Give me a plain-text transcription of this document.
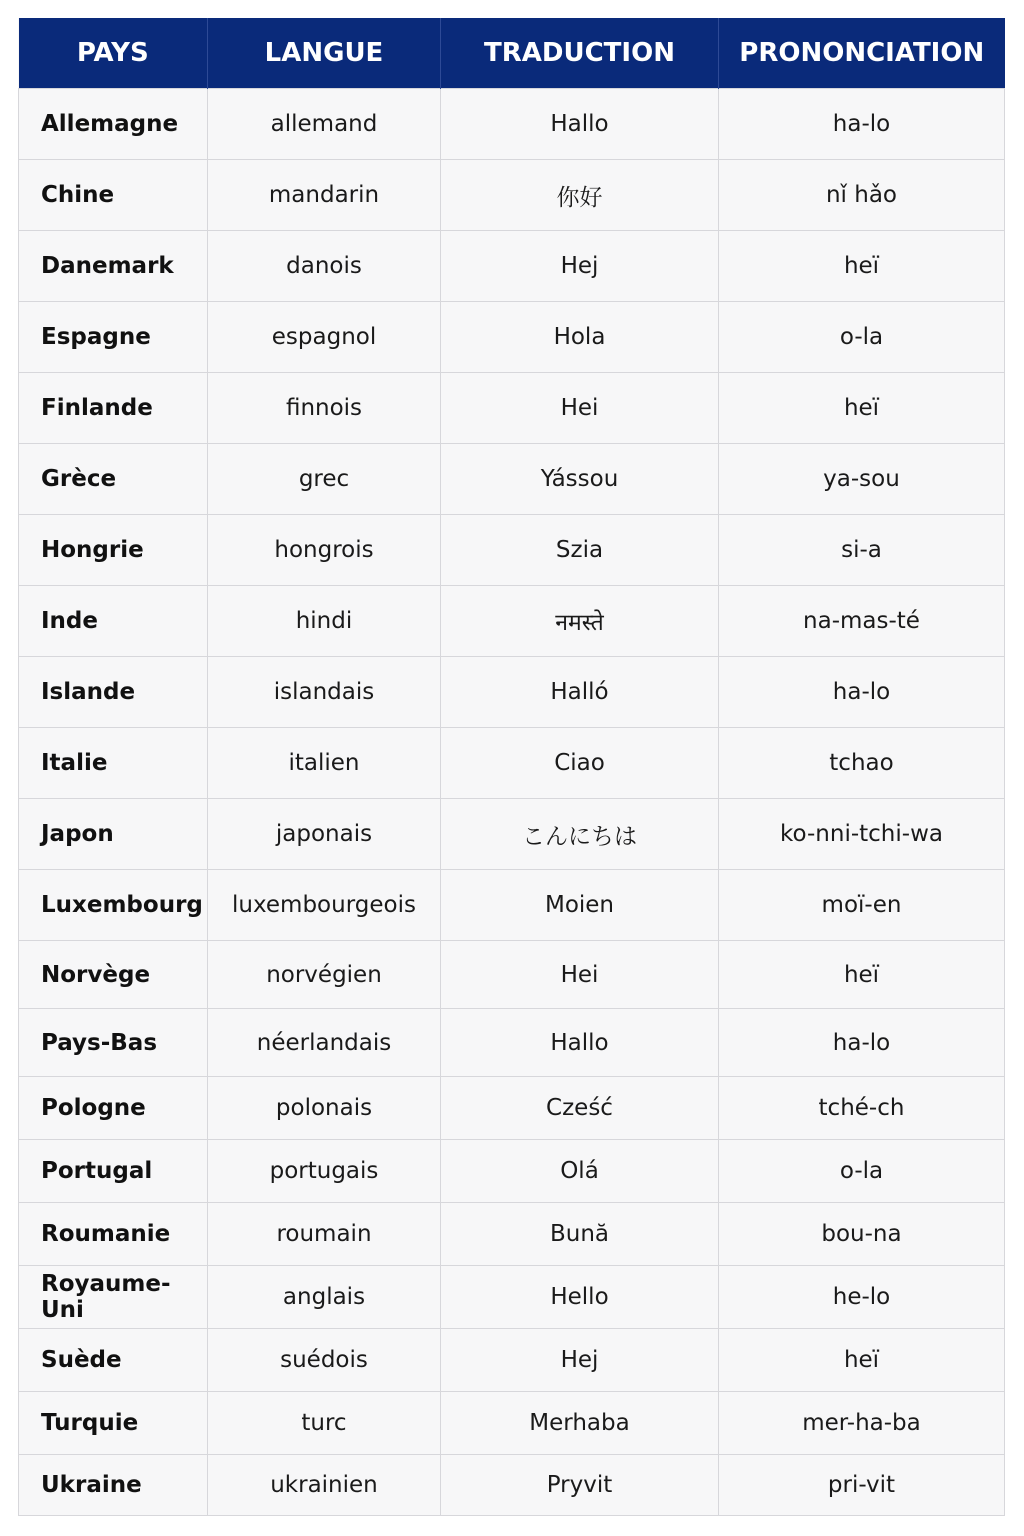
PAYS	LANGUE	TRADUCTION	PRONONCIATION
Allemagne	allemand	Hallo	ha-lo
Chine	mandarin	你好	nǐ hǎo
Danemark	danois	Hej	heï
Espagne	espagnol	Hola	o-la
Finlande	finnois	Hei	heï
Grèce	grec	Yássou	ya-sou
Hongrie	hongrois	Szia	si-a
Inde	hindi	नमस्ते	na-mas-té
Islande	islandais	Halló	ha-lo
Italie	italien	Ciao	tchao
Japon	japonais	こんにちは	ko-nni-tchi-wa
Luxembourg	luxembourgeois	Moien	moï-en
Norvège	norvégien	Hei	heï
Pays-Bas	néerlandais	Hallo	ha-lo
Pologne	polonais	Cześć	tché-ch
Portugal	portugais	Olá	o-la
Roumanie	roumain	Bună	bou-na
Royaume-Uni	anglais	Hello	he-lo
Suède	suédois	Hej	heï
Turquie	turc	Merhaba	mer-ha-ba
Ukraine	ukrainien	Pryvit	pri-vit
